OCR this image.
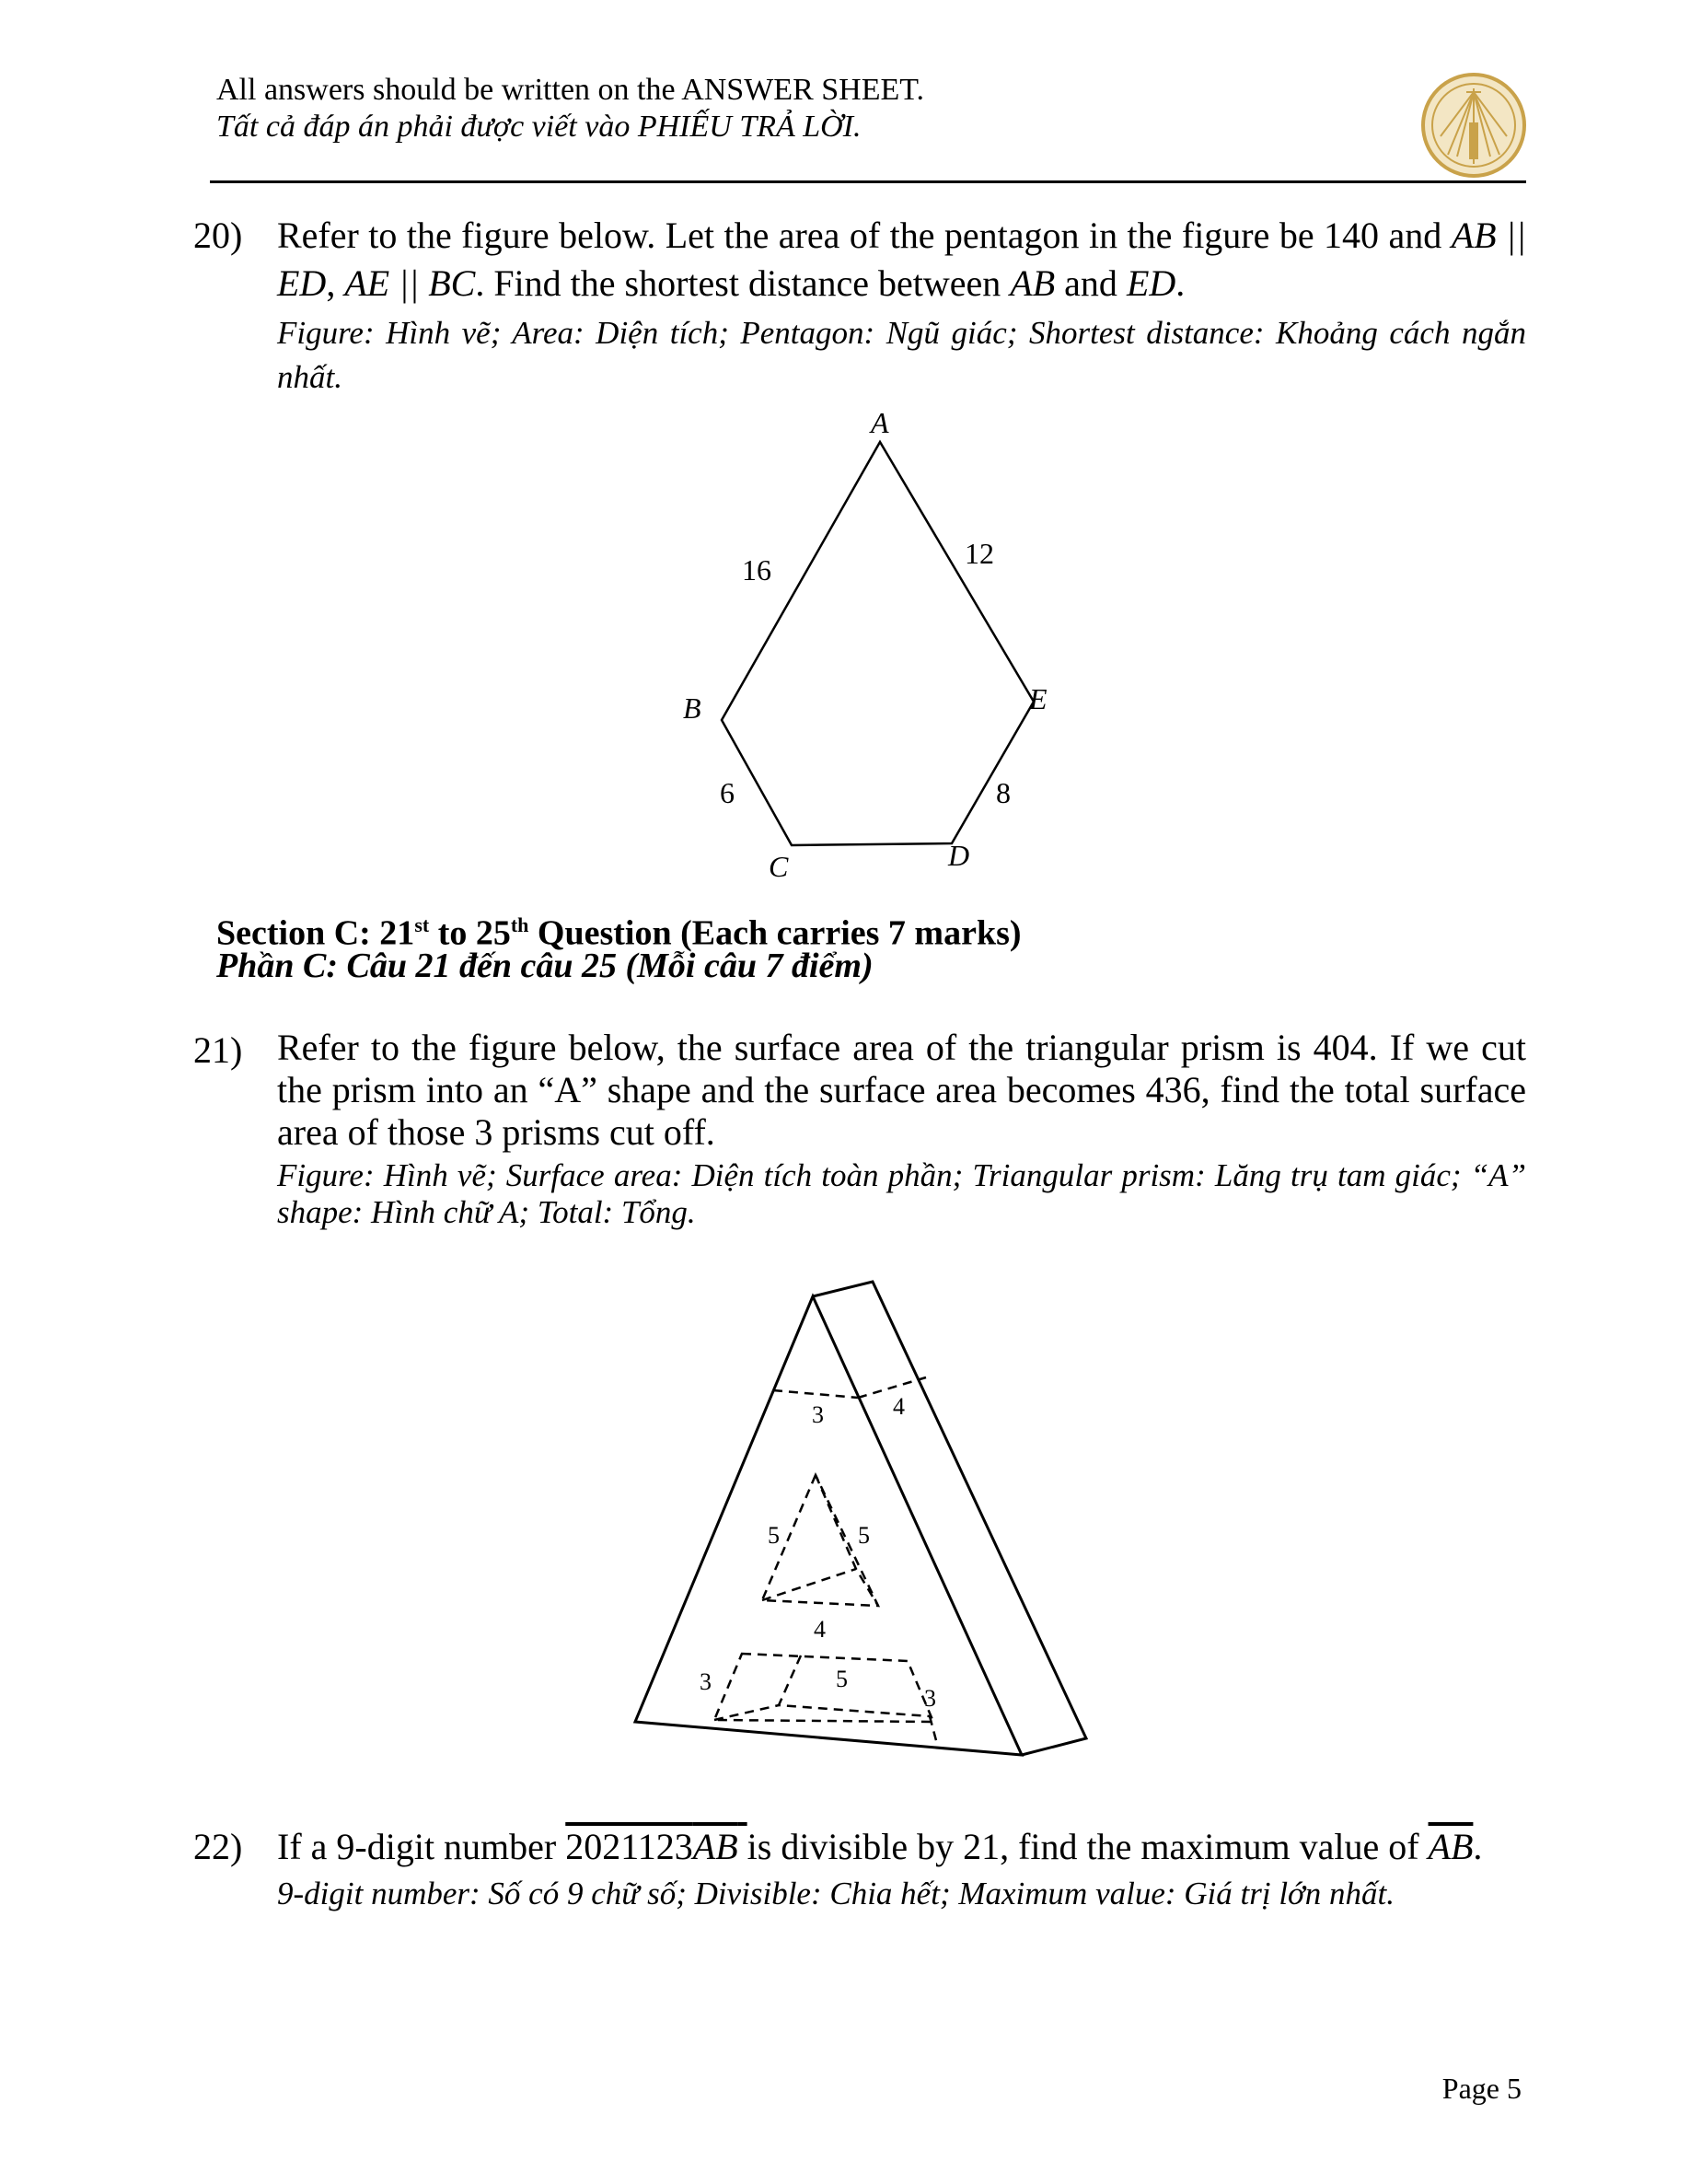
All answers should be written on the ANSWER SHEET.
Tất cả đáp án phải được viết vào PHIẾU TRẢ LỜI.
20) Refer to the figure below. Let the area of the pentagon in the figure be 140 and AB || ED, AE || BC. Find the shortest distance between AB and ED.

Figure: Hình vẽ; Area: Diện tích; Pentagon: Ngũ giác; Shortest distance: Khoảng cách ngắn nhất.

A
B
C	D
E
16	12
6	8
Section C: 21st to 25th Question (Each carries 7 marks)
Phần C: Câu 21 đến câu 25 (Mỗi câu 7 điểm)
21) Refer to the figure below, the surface area of the triangular prism is 404. If we cut the prism into an “A” shape and the surface area becomes 436, find the total surface area of those 3 prisms cut off.

Figure: Hình vẽ; Surface area: Diện tích toàn phần; Triangular prism: Lăng trụ tam giác; “A” shape: Hình chữ A; Total: Tổng.

3	4
5	5
4
3	5
3
22) If a 9-digit number 2021123AB is divisible by 21, find the maximum value of $\overline{AB}$.

9-digit number: Số có 9 chữ số; Divisible: Chia hết; Maximum value: Giá trị lớn nhất.

Page 5
